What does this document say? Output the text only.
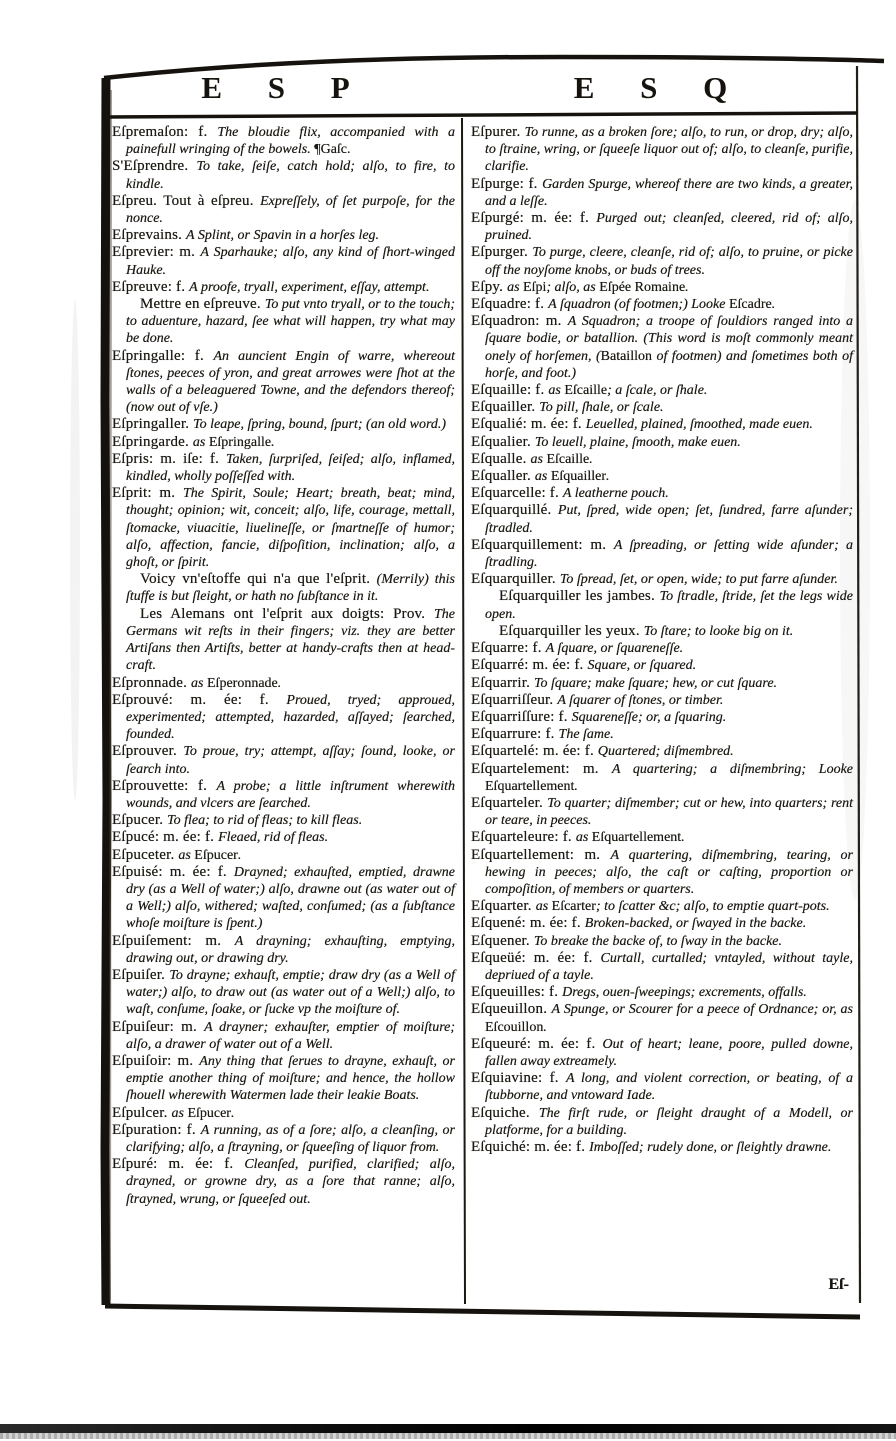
E S P	E S Q

Eſpremaſon: f. The bloudie flix, accompanied with a painefull wringing of the bowels. ¶Gaſc.

S'Eſprendre. To take, ſeiſe, catch hold; alſo, to fire, to kindle.

Eſpreu. Tout à eſpreu. Expreſſely, of ſet purpoſe, for the nonce.

Eſprevains. A Splint, or Spavin in a horſes leg.

Eſprevier: m. A Sparhauke; alſo, any kind of ſhort-winged Hauke.

Eſpreuve: f. A proofe, tryall, experiment, eſſay, attempt.

Mettre en eſpreuve. To put vnto tryall, or to the touch; to aduenture, hazard, ſee what will happen, try what may be done.

Eſpringalle: f. An auncient Engin of warre, whereout ſtones, peeces of yron, and great arrowes were ſhot at the walls of a beleaguered Towne, and the defendors thereof; (now out of vſe.)

Eſpringaller. To leape, ſpring, bound, ſpurt; (an old word.)

Eſpringarde. as Eſpringalle.

Eſpris: m. iſe: f. Taken, ſurpriſed, ſeiſed; alſo, inflamed, kindled, wholly poſſeſſed with.

Eſprit: m. The Spirit, Soule; Heart; breath, beat; mind, thought; opinion; wit, conceit; alſo, life, courage, mettall, ſtomacke, viuacitie, liuelineſſe, or ſmartneſſe of humor; alſo, affection, fancie, diſpoſition, inclination; alſo, a ghoſt, or ſpirit.

Voicy vn'eſtoffe qui n'a que l'eſprit. (Merrily) this ſtuffe is but ſleight, or hath no ſubſtance in it.

Les Alemans ont l'eſprit aux doigts: Prov. The Germans wit reſts in their fingers; viz. they are better Artiſans then Artiſts, better at handy-crafts then at head-craft.

Eſpronnade. as Eſperonnade.

Eſprouvé: m. ée: f. Proued, tryed; approued, experimented; attempted, hazarded, aſſayed; ſearched, founded.

Eſprouver. To proue, try; attempt, aſſay; ſound, looke, or ſearch into.

Eſprouvette: f. A probe; a little inſtrument wherewith wounds, and vlcers are ſearched.

Eſpucer. To flea; to rid of fleas; to kill fleas.

Eſpucé: m. ée: f. Fleaed, rid of fleas.

Eſpuceter. as Eſpucer.

Eſpuisé: m. ée: f. Drayned; exhauſted, emptied, drawne dry (as a Well of water;) alſo, drawne out (as water out of a Well;) alſo, withered; waſted, conſumed; (as a ſubſtance whoſe moiſture is ſpent.)

Eſpuiſement: m. A drayning; exhauſting, emptying, drawing out, or drawing dry.

Eſpuiſer. To drayne; exhauſt, emptie; draw dry (as a Well of water;) alſo, to draw out (as water out of a Well;) alſo, to waſt, conſume, ſoake, or ſucke vp the moiſture of.

Eſpuiſeur: m. A drayner; exhauſter, emptier of moiſture; alſo, a drawer of water out of a Well.

Eſpuiſoir: m. Any thing that ſerues to drayne, exhauſt, or emptie another thing of moiſture; and hence, the hollow ſhouell wherewith Watermen lade their leakie Boats.

Eſpulcer. as Eſpucer.

Eſpuration: f. A running, as of a ſore; alſo, a cleanſing, or clarifying; alſo, a ſtrayning, or ſqueeſing of liquor from.

Eſpuré: m. ée: f. Cleanſed, purified, clarified; alſo, drayned, or growne dry, as a ſore that ranne; alſo, ſtrayned, wrung, or ſqueeſed out.

Eſpurer. To runne, as a broken ſore; alſo, to run, or drop, dry; alſo, to ſtraine, wring, or ſqueeſe liquor out of; alſo, to cleanſe, purifie, clarifie.

Eſpurge: f. Garden Spurge, whereof there are two kinds, a greater, and a leſſe.

Eſpurgé: m. ée: f. Purged out; cleanſed, cleered, rid of; alſo, pruined.

Eſpurger. To purge, cleere, cleanſe, rid of; alſo, to pruine, or picke off the noyſome knobs, or buds of trees.

Eſpy. as Eſpi; alſo, as Eſpée Romaine.

Eſquadre: f. A ſquadron (of footmen;) Looke Eſcadre.

Eſquadron: m. A Squadron; a troope of ſouldiors ranged into a ſquare bodie, or batallion. (This word is moſt commonly meant onely of horſemen, (Bataillon of footmen) and ſometimes both of horſe, and foot.)

Eſquaille: f. as Eſcaille; a ſcale, or ſhale.

Eſquailler. To pill, ſhale, or ſcale.

Eſqualié: m. ée: f. Leuelled, plained, ſmoothed, made euen.

Eſqualier. To leuell, plaine, ſmooth, make euen.

Eſqualle. as Eſcaille.

Eſqualler. as Eſquailler.

Eſquarcelle: f. A leatherne pouch.

Eſquarquillé. Put, ſpred, wide open; ſet, ſundred, farre aſunder; ſtradled.

Eſquarquillement: m. A ſpreading, or ſetting wide aſunder; a ſtradling.

Eſquarquiller. To ſpread, ſet, or open, wide; to put farre aſunder.

Eſquarquiller les jambes. To ſtradle, ſtride, ſet the legs wide open.

Eſquarquiller les yeux. To ſtare; to looke big on it.

Eſquarre: f. A ſquare, or ſquareneſſe.

Eſquarré: m. ée: f. Square, or ſquared.

Eſquarrir. To ſquare; make ſquare; hew, or cut ſquare.

Eſquarriſſeur. A ſquarer of ſtones, or timber.

Eſquarriſſure: f. Squareneſſe; or, a ſquaring.

Eſquarrure: f. The ſame.

Eſquartelé: m. ée: f. Quartered; diſmembred.

Eſquartelement: m. A quartering; a diſmembring; Looke Eſquartellement.

Eſquarteler. To quarter; diſmember; cut or hew, into quarters; rent or teare, in peeces.

Eſquarteleure: f. as Eſquartellement.

Eſquartellement: m. A quartering, diſmembring, tearing, or hewing in peeces; alſo, the caſt or caſting, proportion or compoſition, of members or quarters.

Eſquarter. as Eſcarter; to ſcatter &c; alſo, to emptie quart-pots.

Eſquené: m. ée: f. Broken-backed, or ſwayed in the backe.

Eſquener. To breake the backe of, to ſway in the backe.

Eſqueüé: m. ée: f. Curtall, curtalled; vntayled, without tayle, depriued of a tayle.

Eſqueuilles: f. Dregs, ouen-ſweepings; excrements, offalls.

Eſqueuillon. A Spunge, or Scourer for a peece of Ordnance; or, as Eſcouillon.

Eſqueuré: m. ée: f. Out of heart; leane, poore, pulled downe, fallen away extreamely.

Eſquiavine: f. A long, and violent correction, or beating, of a ſtubborne, and vntoward Iade.

Eſquiche. The firſt rude, or ſleight draught of a Modell, or platforme, for a building.

Eſquiché: m. ée: f. Imboſſed; rudely done, or ſleightly drawne.

Eſ-
